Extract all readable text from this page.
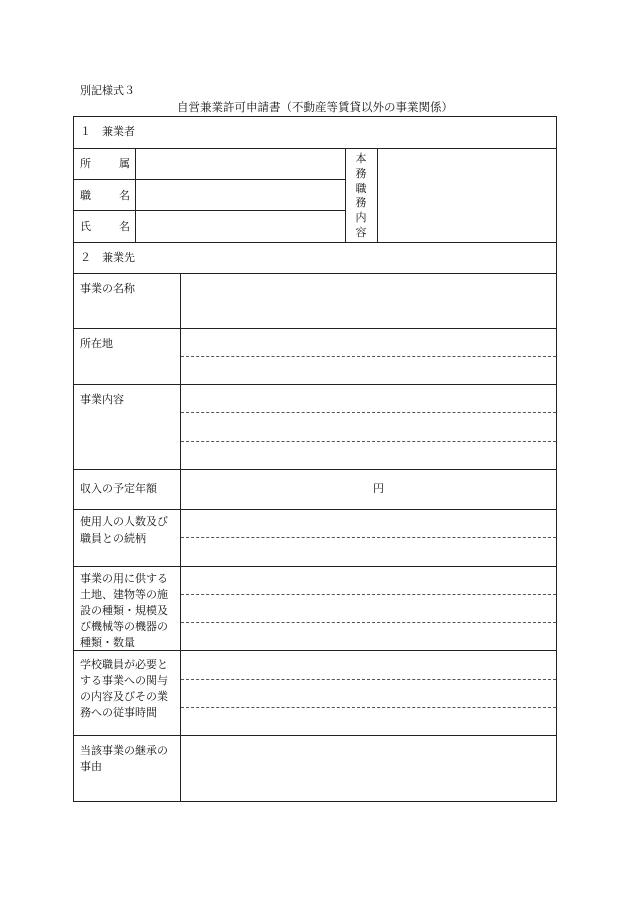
別記様式３
自営兼業許可申請書（不動産等賃貸以外の事業関係）
１　兼業者
所	属
職	名
氏	名
本務職務内容
２　兼業先
事業の名称
所在地
事業内容
収入の予定年額	円
使用人の人数及び
職員との続柄
事業の用に供する
土地、建物等の施
設の種類・規模及
び機械等の機器の
種類・数量
学校職員が必要と
する事業への関与
の内容及びその業
務への従事時間
当該事業の継承の
事由
